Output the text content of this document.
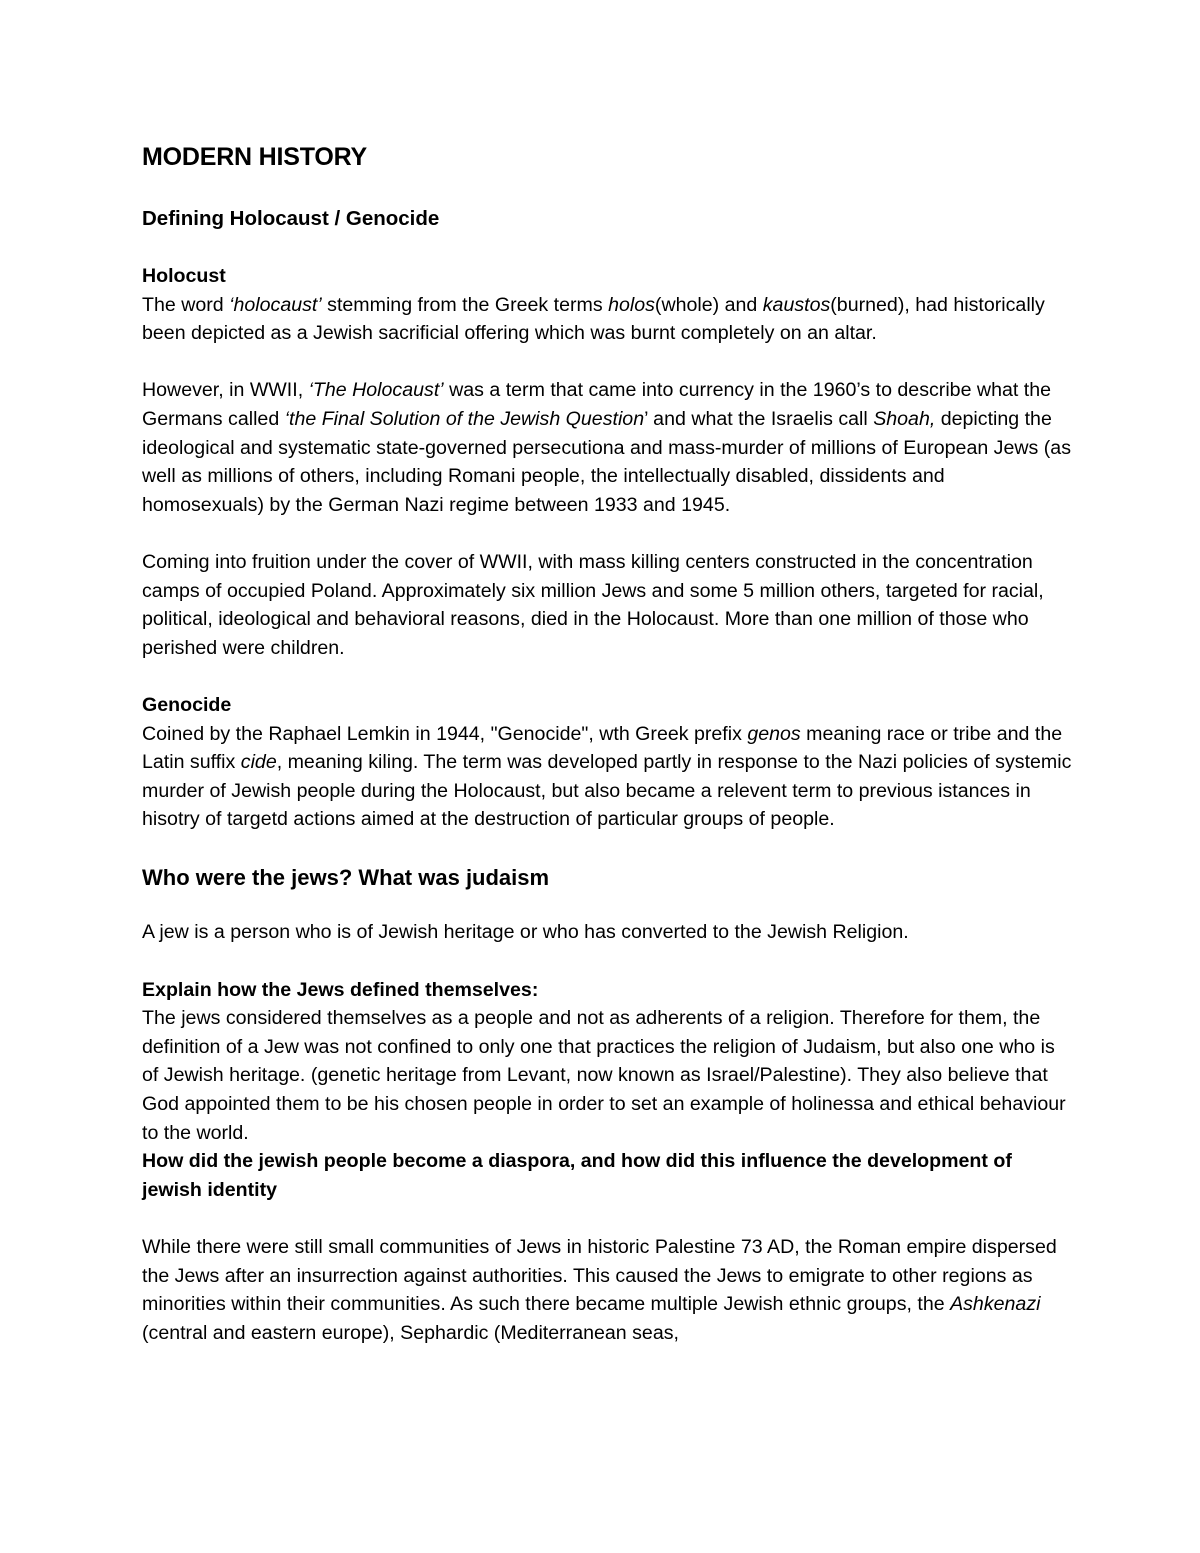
MODERN HISTORY
Defining Holocaust / Genocide

Holocust

The word ‘holocaust’ stemming from the Greek terms holos(whole) and kaustos(burned), had historically been depicted as a Jewish sacrificial offering which was burnt completely on an altar.

However, in WWII, ‘The Holocaust’ was a term that came into currency in the 1960’s to describe what the Germans called ‘the Final Solution of the Jewish Question’ and what the Israelis call Shoah, depicting the ideological and systematic state-governed persecutiona and mass-murder of millions of European Jews (as well as millions of others, including Romani people, the intellectually disabled, dissidents and homosexuals) by the German Nazi regime between 1933 and 1945.

Coming into fruition under the cover of WWII, with mass killing centers constructed in the concentration camps of occupied Poland. Approximately six million Jews and some 5 million others, targeted for racial, political, ideological and behavioral reasons, died in the Holocaust. More than one million of those who perished were children.

Genocide

Coined by the Raphael Lemkin in 1944, "Genocide", wth Greek prefix genos meaning race or tribe and the Latin suffix cide, meaning kiling. The term was developed partly in response to the Nazi policies of systemic murder of Jewish people during the Holocaust, but also became a relevent term to previous istances in hisotry of targetd actions aimed at the destruction of particular groups of people.

Who were the jews? What was judaism

A jew is a person who is of Jewish heritage or who has converted to the Jewish Religion.

Explain how the Jews defined themselves:

The jews considered themselves as a people and not as adherents of a religion. Therefore for them, the definition of a Jew was not confined to only one that practices the religion of Judaism, but also one who is of Jewish heritage. (genetic heritage from Levant, now known as Israel/Palestine). They also believe that God appointed them to be his chosen people in order to set an example of holinessa and ethical behaviour to the world.

How did the jewish people become a diaspora, and how did this influence the development of jewish identity

While there were still small communities of Jews in historic Palestine 73 AD, the Roman empire dispersed the Jews after an insurrection against authorities. This caused the Jews to emigrate to other regions as minorities within their communities. As such there became multiple Jewish ethnic groups, the Ashkenazi (central and eastern europe), Sephardic (Mediterranean seas,
